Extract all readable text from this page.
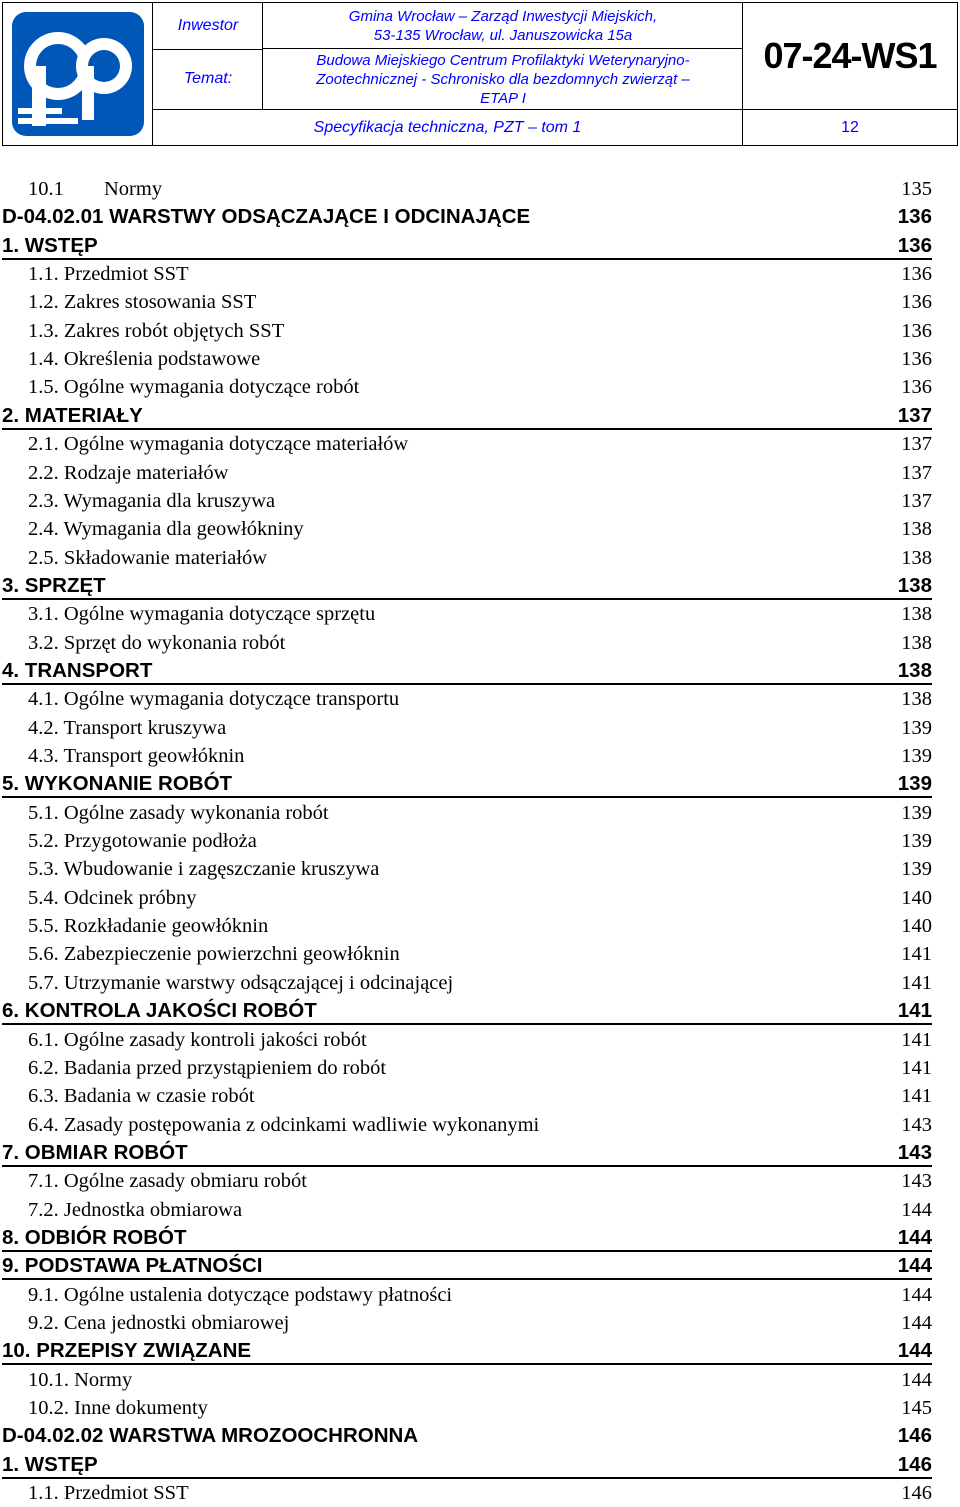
Inwestor
Temat:
Gmina Wrocław – Zarząd Inwestycji Miejskich,
53-135 Wrocław, ul. Januszowicka 15a
Budowa Miejskiego Centrum Profilaktyki Weterynaryjno-
Zootechnicznej - Schronisko dla bezdomnych zwierząt –
ETAP I
07-24-WS1
Specyfikacja techniczna, PZT – tom 1	12
10.1 Normy	135
D-04.02.01 WARSTWY ODSĄCZAJĄCE I ODCINAJĄCE	136
1. WSTĘP	136
1.1. Przedmiot SST	136
1.2. Zakres stosowania SST	136
1.3. Zakres robót objętych SST	136
1.4. Określenia podstawowe	136
1.5. Ogólne wymagania dotyczące robót	136
2. MATERIAŁY	137
2.1. Ogólne wymagania dotyczące materiałów	137
2.2. Rodzaje materiałów	137
2.3. Wymagania dla kruszywa	137
2.4. Wymagania dla geowłókniny	138
2.5. Składowanie materiałów	138
3. SPRZĘT	138
3.1. Ogólne wymagania dotyczące sprzętu	138
3.2. Sprzęt do wykonania robót	138
4. TRANSPORT	138
4.1. Ogólne wymagania dotyczące transportu	138
4.2. Transport kruszywa	139
4.3. Transport geowłóknin	139
5. WYKONANIE ROBÓT	139
5.1. Ogólne zasady wykonania robót	139
5.2. Przygotowanie podłoża	139
5.3. Wbudowanie i zagęszczanie kruszywa	139
5.4. Odcinek próbny	140
5.5. Rozkładanie geowłóknin	140
5.6. Zabezpieczenie powierzchni geowłóknin	141
5.7. Utrzymanie warstwy odsączającej i odcinającej	141
6. KONTROLA JAKOŚCI ROBÓT	141
6.1. Ogólne zasady kontroli jakości robót	141
6.2. Badania przed przystąpieniem do robót	141
6.3. Badania w czasie robót	141
6.4. Zasady postępowania z odcinkami wadliwie wykonanymi	143
7. OBMIAR ROBÓT	143
7.1. Ogólne zasady obmiaru robót	143
7.2. Jednostka obmiarowa	144
8. ODBIÓR ROBÓT	144
9. PODSTAWA PŁATNOŚCI	144
9.1. Ogólne ustalenia dotyczące podstawy płatności	144
9.2. Cena jednostki obmiarowej	144
10. PRZEPISY ZWIĄZANE	144
10.1. Normy	144
10.2. Inne dokumenty	145
D-04.02.02 WARSTWA MROZOOCHRONNA	146
1. WSTĘP	146
1.1. Przedmiot SST	146
